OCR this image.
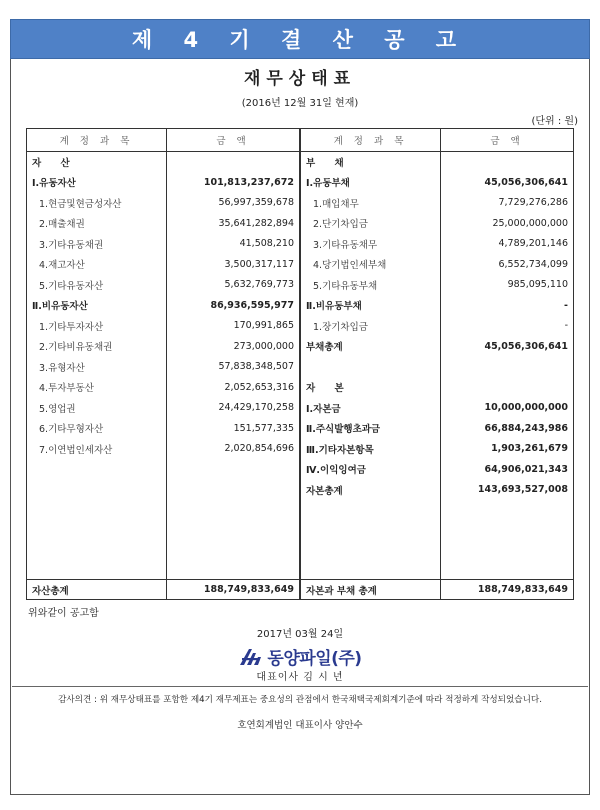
제 4 기 결 산 공 고
재무상태표
(2016년 12월 31일 현재)
(단위 : 원)
계 정 과 목	금 액
자 산	
Ⅰ.유동자산	101,813,237,672
1.현금및현금성자산	56,997,359,678
2.매출채권	35,641,282,894
3.기타유동채권	41,508,210
4.재고자산	3,500,317,117
5.기타유동자산	5,632,769,773
Ⅱ.비유동자산	86,936,595,977
1.기타투자자산	170,991,865
2.기타비유동채권	273,000,000
3.유형자산	57,838,348,507
4.투자부동산	2,052,653,316
5.영업권	24,429,170,258
6.기타무형자산	151,577,335
7.이연법인세자산	2,020,854,696

자산총계	188,749,833,649
계 정 과 목	금 액
부 채	
Ⅰ.유동부채	45,056,306,641
1.매입채무	7,729,276,286
2.단기차입금	25,000,000,000
3.기타유동채무	4,789,201,146
4.당기법인세부채	6,552,734,099
5.기타유동부채	985,095,110
Ⅱ.비유동부채	-
1.장기차입금	-
부채총계	45,056,306,641

자 본	
Ⅰ.자본금	10,000,000,000
Ⅱ.주식발행초과금	66,884,243,986
Ⅲ.기타자본항목	1,903,261,679
Ⅳ.이익잉여금	64,906,021,343
자본총계	143,693,527,008

자본과 부채 총계	188,749,833,649
위와같이 공고함
2017년 03월 24일
동양파일(주)
대표이사 김 시 년
감사의견 : 위 재무상태표를 포함한 제4기 재무제표는 중요성의 관점에서 한국채택국제회계기준에 따라 적정하게 작성되었습니다.
호연회계법인 대표이사 양안수
